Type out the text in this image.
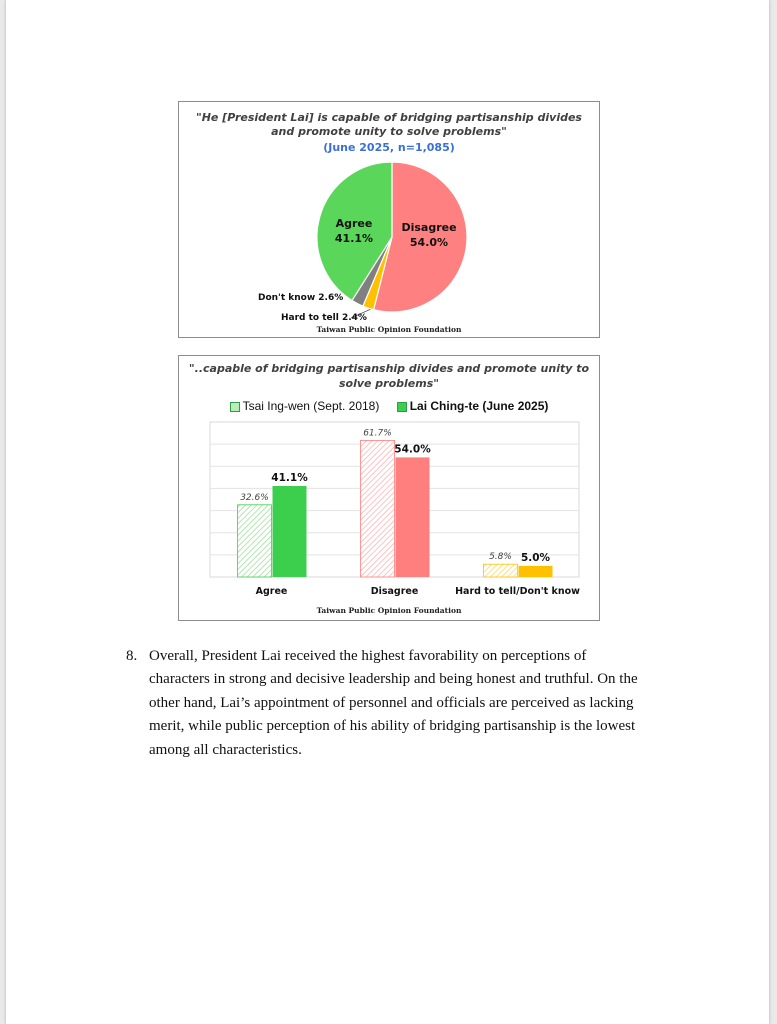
"He [President Lai] is capable of bridging partisanship divides
and promote unity to solve problems"
(June 2025, n=1,085)
Agree
41.1%
Disagree
54.0%
Don't know 2.6%
Hard to tell 2.4%
Taiwan Public Opinion Foundation
"..capable of bridging partisanship divides and promote unity to
solve problems"
Tsai Ing-wen (Sept. 2018)	Lai Ching-te (June 2025)
32.6%
41.1%
Agree
61.7%
54.0%
Disagree
5.8% 5.0%
Hard to tell/Don't know
Taiwan Public Opinion Foundation
8. Overall, President Lai received the highest favorability on perceptions of
characters in strong and decisive leadership and being honest and truthful. On the
other hand, Lai’s appointment of personnel and officials are perceived as lacking
merit, while public perception of his ability of bridging partisanship is the lowest
among all characteristics.
